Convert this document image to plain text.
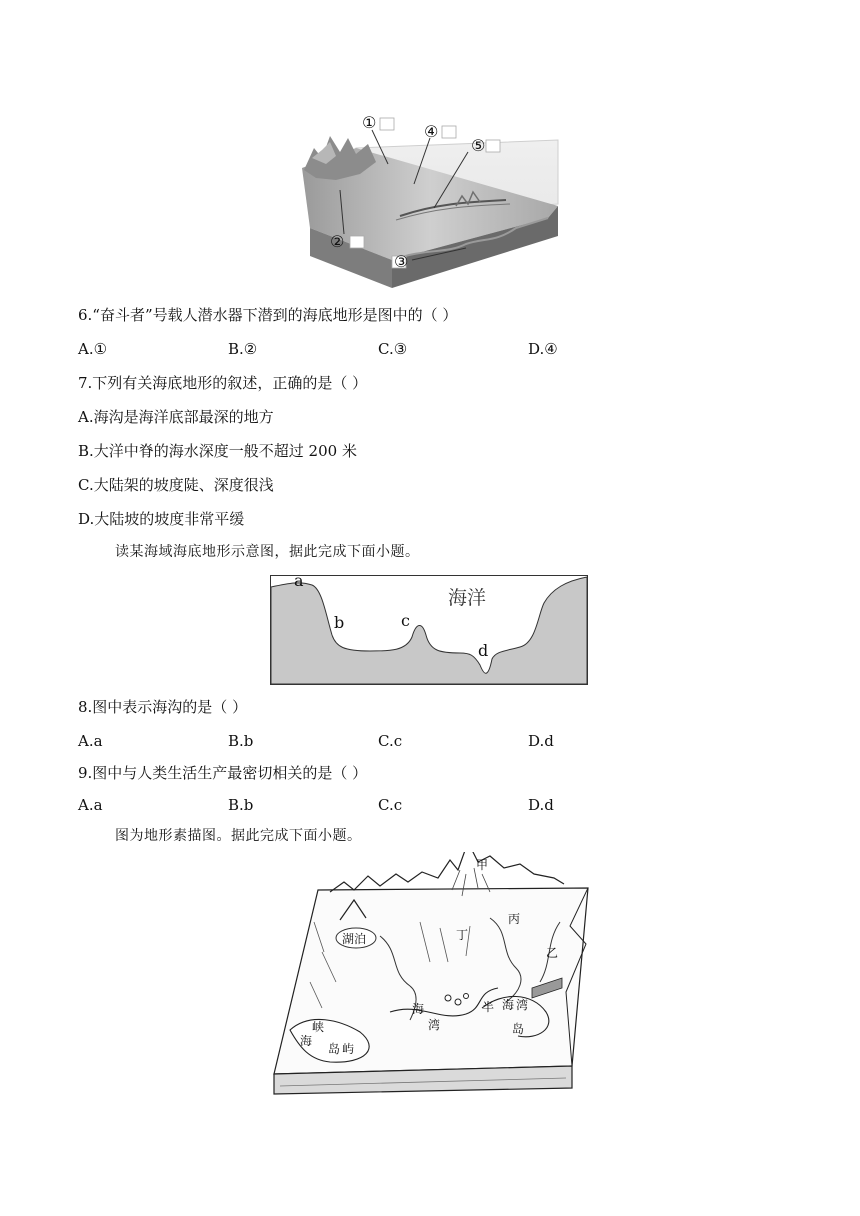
①
②
③
④
⑤
6.“奋斗者”号载人潜水器下潜到的海底地形是图中的（ ）
A.①	B.②	C.③	D.④
7.下列有关海底地形的叙述，正确的是（ ）
A.海沟是海洋底部最深的地方
B.大洋中脊的海水深度一般不超过 200 米
C.大陆架的坡度陡、深度很浅
D.大陆坡的坡度非常平缓
读某海域海底地形示意图，据此完成下面小题。
海洋
a
b	c
d
8.图中表示海沟的是（ ）
A.a	B.b	C.c	D.d
9.图中与人类生活生产最密切相关的是（ ）
A.a	B.b	C.c	D.d
图为地形素描图。据此完成下面小题。
甲
乙
丙
丁
湖泊
海
湾
海 湾
半
岛
海
峡
岛 屿
